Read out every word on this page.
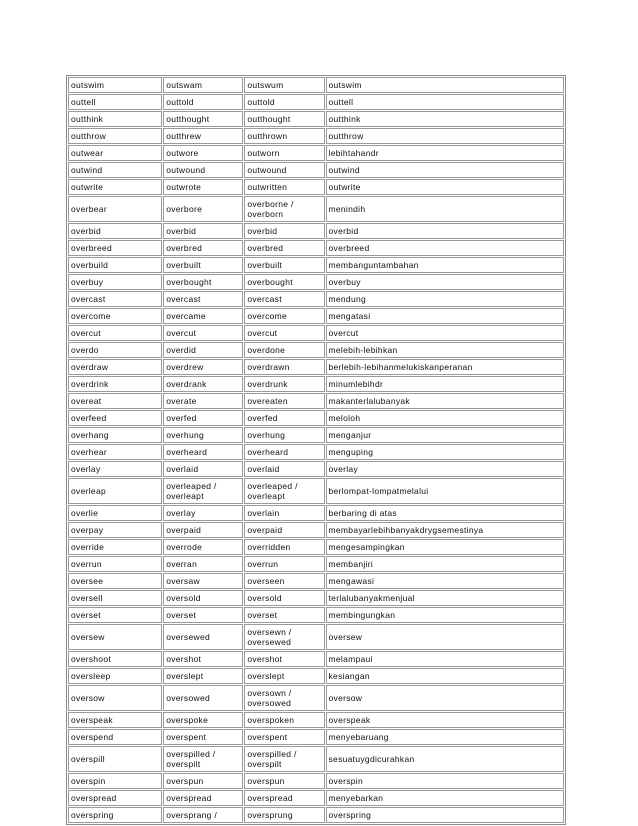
outswim	outswam	outswum	outswim
outtell	outtold	outtold	outtell
outthink	outthought	outthought	outthink
outthrow	outthrew	outthrown	outthrow
outwear	outwore	outworn	lebihtahandr
outwind	outwound	outwound	outwind
outwrite	outwrote	outwritten	outwrite
overbear	overbore	overborne / overborn	menindih
overbid	overbid	overbid	overbid
overbreed	overbred	overbred	overbreed
overbuild	overbuilt	overbuilt	membanguntambahan
overbuy	overbought	overbought	overbuy
overcast	overcast	overcast	mendung
overcome	overcame	overcome	mengatasi
overcut	overcut	overcut	overcut
overdo	overdid	overdone	melebih-lebihkan
overdraw	overdrew	overdrawn	berlebih-lebihanmelukiskanperanan
overdrink	overdrank	overdrunk	minumlebihdr
overeat	overate	overeaten	makanterlalubanyak
overfeed	overfed	overfed	meloloh
overhang	overhung	overhung	menganjur
overhear	overheard	overheard	menguping
overlay	overlaid	overlaid	overlay
overleap	overleaped / overleapt	overleaped / overleapt	berlompat-lompatmelalui
overlie	overlay	overlain	berbaring di atas
overpay	overpaid	overpaid	membayarlebihbanyakdrygsemestinya
override	overrode	overridden	mengesampingkan
overrun	overran	overrun	membanjiri
oversee	oversaw	overseen	mengawasi
oversell	oversold	oversold	terlalubanyakmenjual
overset	overset	overset	membingungkan
oversew	oversewed	oversewn / oversewed	oversew
overshoot	overshot	overshot	melampaui
oversleep	overslept	overslept	kesiangan
oversow	oversowed	oversown / oversowed	oversow
overspeak	overspoke	overspoken	overspeak
overspend	overspent	overspent	menyebaruang
overspill	overspilled / overspilt	overspilled / overspilt	sesuatuygdicurahkan
overspin	overspun	overspun	overspin
overspread	overspread	overspread	menyebarkan
overspring	oversprang /	oversprung	overspring
